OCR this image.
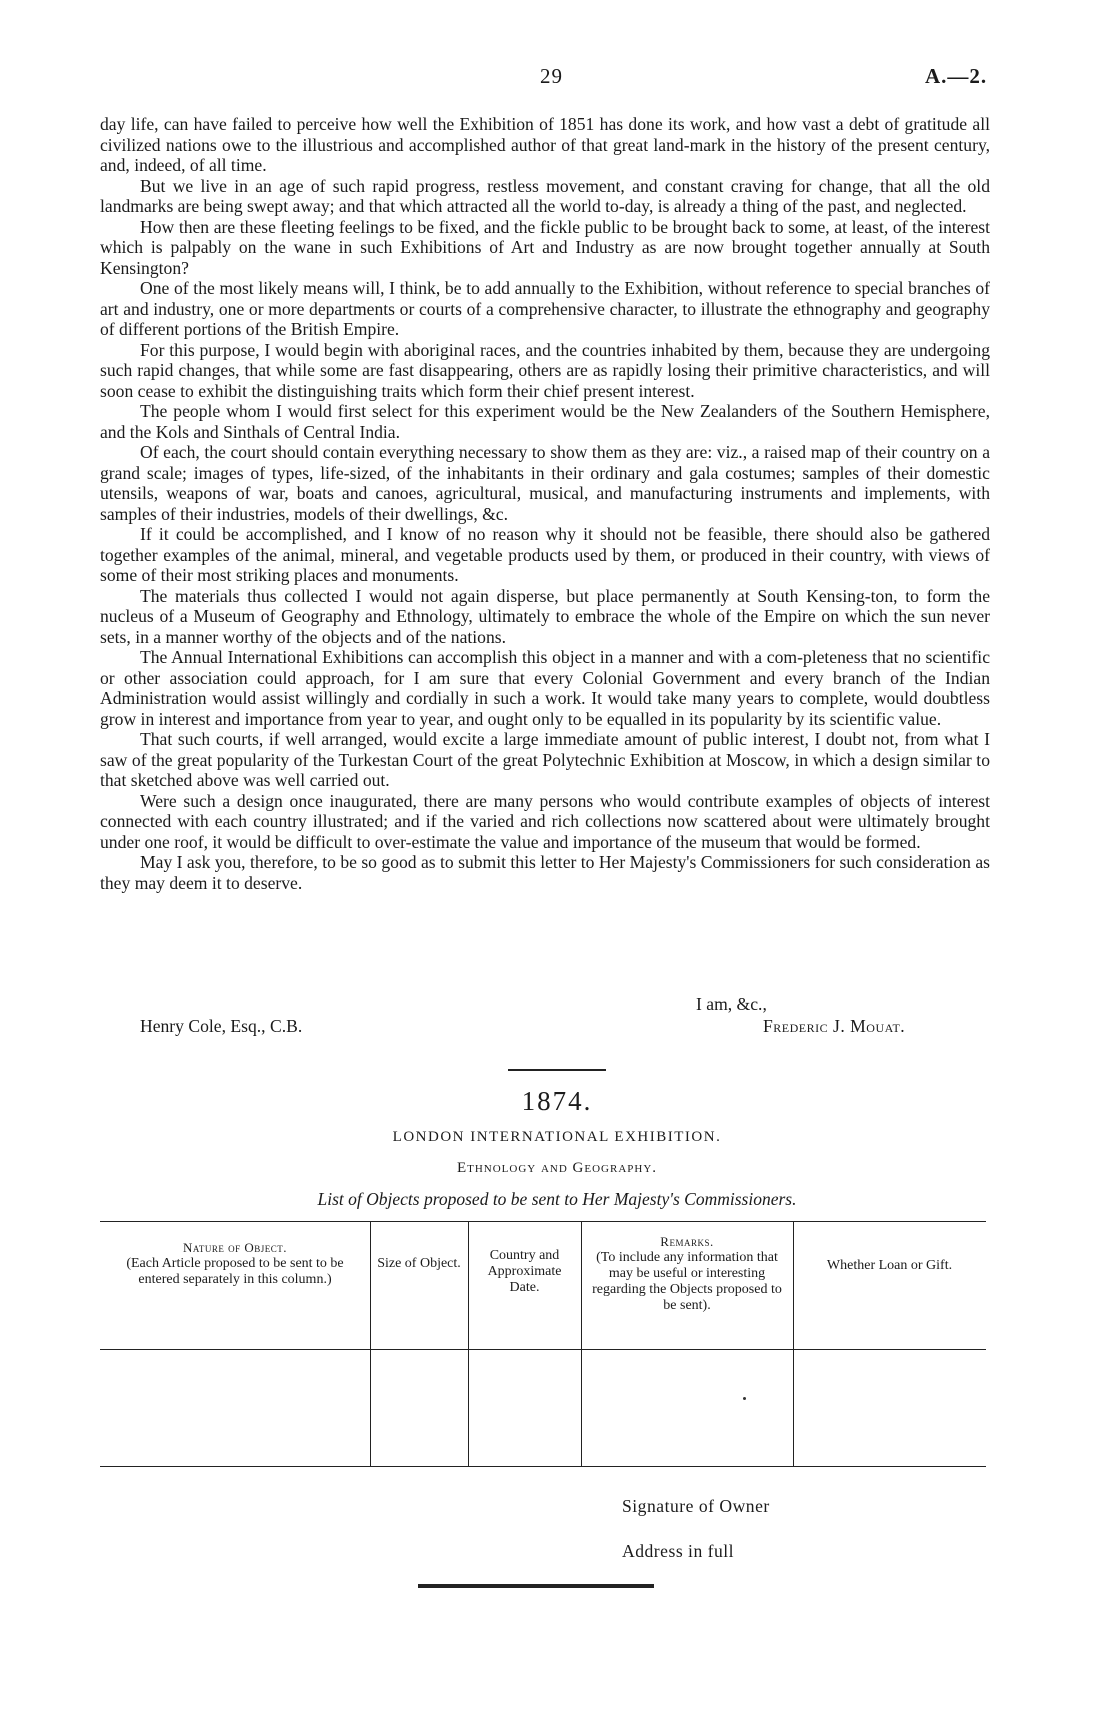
29	A.—2.

day life, can have failed to perceive how well the Exhibition of 1851 has done its work, and how vast a debt of gratitude all civilized nations owe to the illustrious and accomplished author of that great land-mark in the history of the present century, and, indeed, of all time.

But we live in an age of such rapid progress, restless movement, and constant craving for change, that all the old landmarks are being swept away; and that which attracted all the world to-day, is already a thing of the past, and neglected.

How then are these fleeting feelings to be fixed, and the fickle public to be brought back to some, at least, of the interest which is palpably on the wane in such Exhibitions of Art and Industry as are now brought together annually at South Kensington?

One of the most likely means will, I think, be to add annually to the Exhibition, without reference to special branches of art and industry, one or more departments or courts of a comprehensive character, to illustrate the ethnography and geography of different portions of the British Empire.

For this purpose, I would begin with aboriginal races, and the countries inhabited by them, because they are undergoing such rapid changes, that while some are fast disappearing, others are as rapidly losing their primitive characteristics, and will soon cease to exhibit the distinguishing traits which form their chief present interest.

The people whom I would first select for this experiment would be the New Zealanders of the Southern Hemisphere, and the Kols and Sinthals of Central India.

Of each, the court should contain everything necessary to show them as they are: viz., a raised map of their country on a grand scale; images of types, life-sized, of the inhabitants in their ordinary and gala costumes; samples of their domestic utensils, weapons of war, boats and canoes, agricultural, musical, and manufacturing instruments and implements, with samples of their industries, models of their dwellings, &c.

If it could be accomplished, and I know of no reason why it should not be feasible, there should also be gathered together examples of the animal, mineral, and vegetable products used by them, or produced in their country, with views of some of their most striking places and monuments.

The materials thus collected I would not again disperse, but place permanently at South Kensing-ton, to form the nucleus of a Museum of Geography and Ethnology, ultimately to embrace the whole of the Empire on which the sun never sets, in a manner worthy of the objects and of the nations.

The Annual International Exhibitions can accomplish this object in a manner and with a com-pleteness that no scientific or other association could approach, for I am sure that every Colonial Government and every branch of the Indian Administration would assist willingly and cordially in such a work. It would take many years to complete, would doubtless grow in interest and importance from year to year, and ought only to be equalled in its popularity by its scientific value.

That such courts, if well arranged, would excite a large immediate amount of public interest, I doubt not, from what I saw of the great popularity of the Turkestan Court of the great Polytechnic Exhibition at Moscow, in which a design similar to that sketched above was well carried out.

Were such a design once inaugurated, there are many persons who would contribute examples of objects of interest connected with each country illustrated; and if the varied and rich collections now scattered about were ultimately brought under one roof, it would be difficult to over-estimate the value and importance of the museum that would be formed.

May I ask you, therefore, to be so good as to submit this letter to Her Majesty's Commissioners for such consideration as they may deem it to deserve.

I am, &c.,
Henry Cole, Esq., C.B.	Frederic J. Mouat.
1874.
LONDON INTERNATIONAL EXHIBITION.
Ethnology and Geography.
List of Objects proposed to be sent to Her Majesty's Commissioners.
Nature of Object.
(Each Article proposed to be sent to be entered separately in this column.)
Size of Object.
Country and Approximate Date.
Remarks.
(To include any information that may be useful or interesting regarding the Objects proposed to be sent).
Whether Loan or Gift.
Signature of Owner
Address in full
